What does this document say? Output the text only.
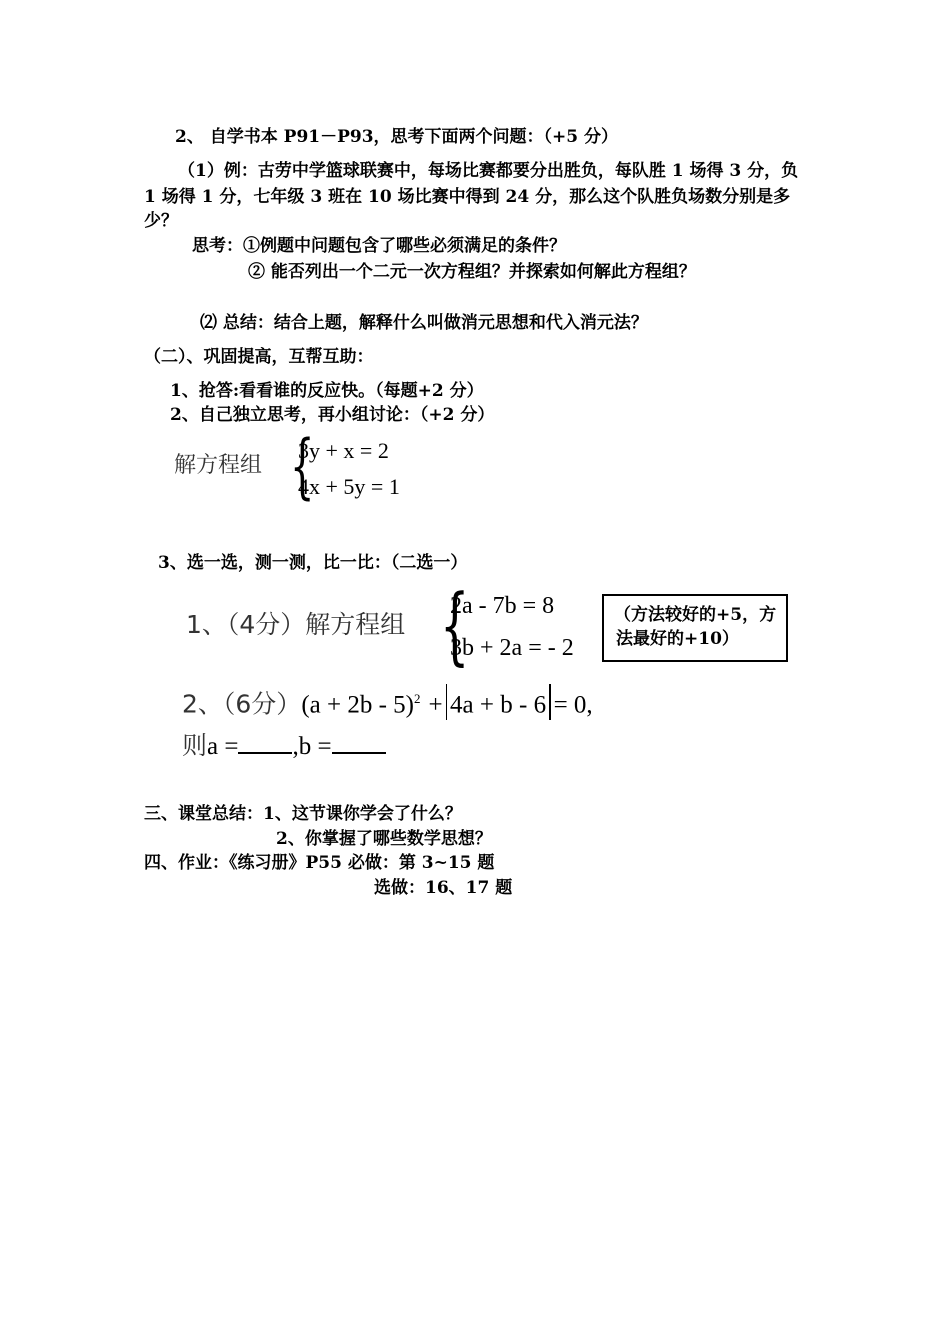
2、 自学书本 P91－P93，思考下面两个问题：（+5 分）
（1）例：古劳中学篮球联赛中，每场比赛都要分出胜负，每队胜 1 场得 3 分，负
1 场得 1 分，七年级 3 班在 10 场比赛中得到 24 分，那么这个队胜负场数分别是多
少？
思考：①例题中问题包含了哪些必须满足的条件？
② 能否列出一个二元一次方程组？并探索如何解此方程组？
⑵ 总结：结合上题，解释什么叫做消元思想和代入消元法？
（二）、巩固提高，互帮互助：
1、抢答:看看谁的反应快。（每题+2 分）
2、自己独立思考，再小组讨论：（+2 分）
解方程组 {
3y + x = 2
4x + 5y = 1
3、选一选，测一测，比一比：（二选一）
1、（4分）解方程组 {
2a - 7b = 8
3b + 2a = - 2
（方法较好的+5，方
法最好的+10）
2、（6分）$(a + 2b - 5)^2 + 4a + b - 6 = 0$,
则a = ,b =
三、课堂总结：1、这节课你学会了什么？
2、你掌握了哪些数学思想？
四、作业：《练习册》P55 必做：第 3~15 题
选做：16、17 题
